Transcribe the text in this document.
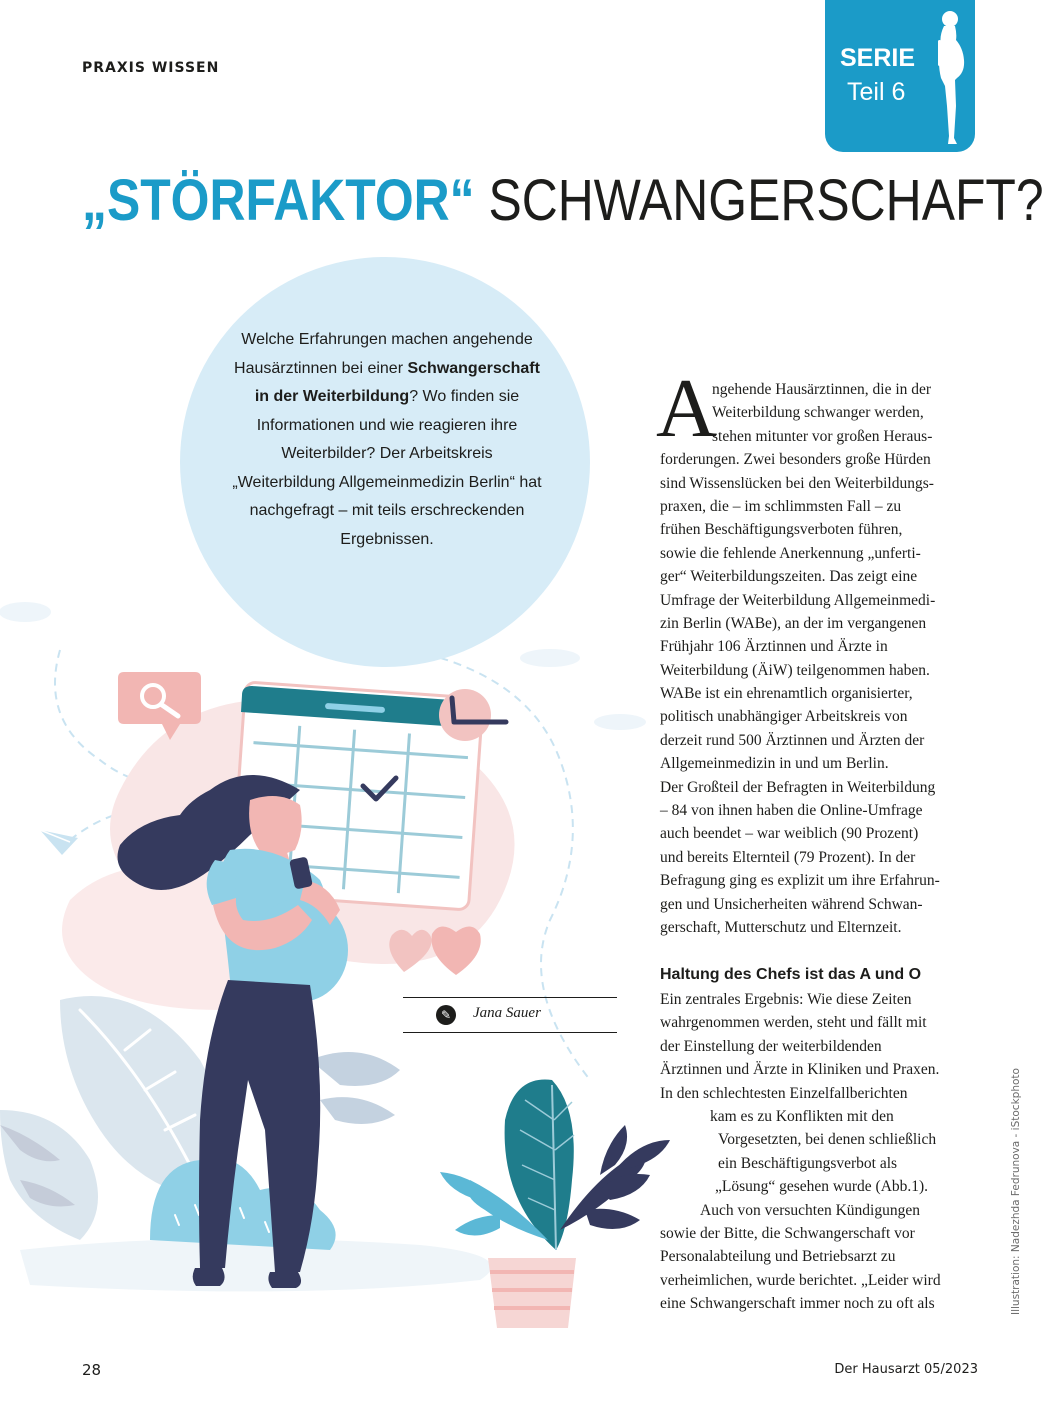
PRAXIS WISSEN	SERIE
Teil 6
„STÖRFAKTOR“ SCHWANGERSCHAFT?
Welche Erfahrungen machen angehende Hausärztinnen bei einer Schwangerschaft in der Weiterbildung? Wo finden sie Informationen und wie reagieren ihre Weiterbilder? Der Arbeitskreis „Weiterbildung Allgemeinmedizin Berlin“ hat nachgefragt – mit teils erschreckenden Ergebnissen.
✎	Jana Sauer
A
ngehende Hausärztinnen, die in der
Weiterbildung schwanger werden,
stehen mitunter vor großen Heraus-
forderungen. Zwei besonders große Hürden
sind Wissenslücken bei den Weiterbildungs-
praxen, die – im schlimmsten Fall – zu
frühen Beschäftigungsverboten führen,
sowie die fehlende Anerkennung „unferti-
ger“ Weiterbildungszeiten. Das zeigt eine
Umfrage der Weiterbildung Allgemeinmedi-
zin Berlin (WABe), an der im vergangenen
Frühjahr 106 Ärztinnen und Ärzte in
Weiterbildung (ÄiW) teilgenommen haben.
WABe ist ein ehrenamtlich organisierter,
politisch unabhängiger Arbeitskreis von
derzeit rund 500 Ärztinnen und Ärzten der
Allgemeinmedizin in und um Berlin.
Der Großteil der Befragten in Weiterbildung
– 84 von ihnen haben die Online-Umfrage
auch beendet – war weiblich (90 Prozent)
und bereits Elternteil (79 Prozent). In der
Befragung ging es explizit um ihre Erfahrun-
gen und Unsicherheiten während Schwan-
gerschaft, Mutterschutz und Elternzeit.
Haltung des Chefs ist das A und O
Ein zentrales Ergebnis: Wie diese Zeiten
wahrgenommen werden, steht und fällt mit
der Einstellung der weiterbildenden
Ärztinnen und Ärzte in Kliniken und Praxen.
In den schlechtesten Einzelfallberichten
kam es zu Konflikten mit den
Vorgesetzten, bei denen schließlich
ein Beschäftigungsverbot als
„Lösung“ gesehen wurde (Abb.1).
Auch von versuchten Kündigungen
sowie der Bitte, die Schwangerschaft vor
Personalabteilung und Betriebsarzt zu
verheimlichen, wurde berichtet. „Leider wird
eine Schwangerschaft immer noch zu oft als	Illustration: Nadezhda Fedrunova - iStockphoto
28	Der Hausarzt 05/2023
